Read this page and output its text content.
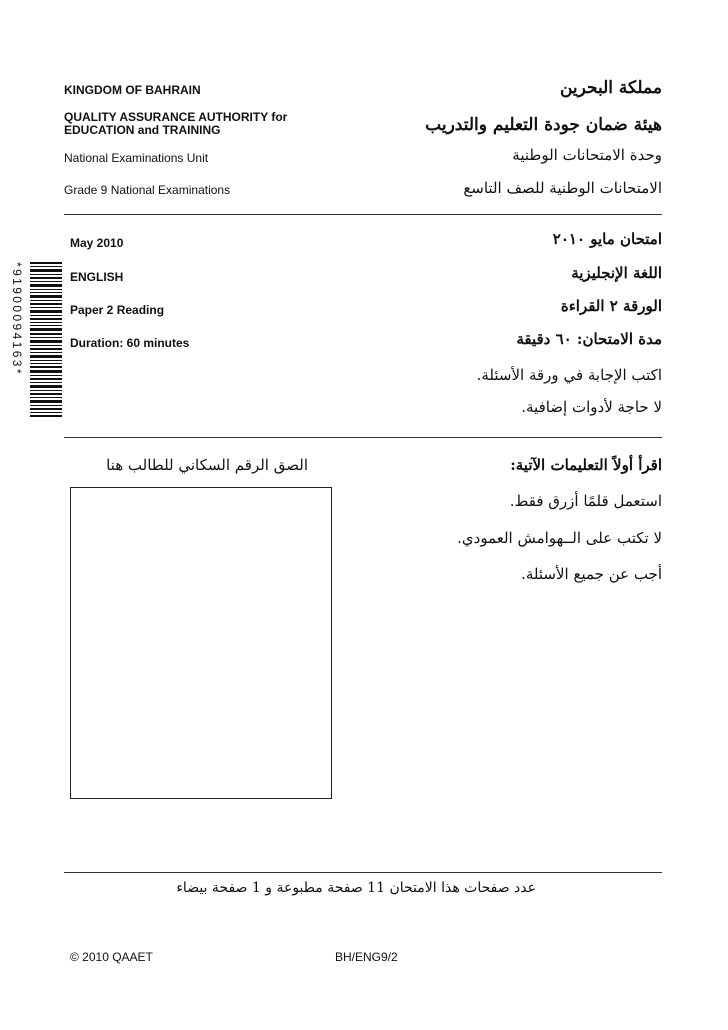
KINGDOM OF BAHRAIN
QUALITY ASSURANCE AUTHORITY for
EDUCATION and TRAINING
National Examinations Unit
Grade 9 National Examinations
مملكة البحرين
هيئة ضمان جودة التعليم والتدريب
وحدة الامتحانات الوطنية
الامتحانات الوطنية للصف التاسع
May 2010
ENGLISH
Paper 2 Reading
Duration: 60 minutes
امتحان مايو ٢٠١٠
اللغة الإنجليزية
الورقة ٢ القراءة
مدة الامتحان: ٦٠ دقيقة
اكتب الإجابة في ورقة الأسئلة.
لا حاجة لأدوات إضافية.
*91900094163*
اقرأ أولاً التعليمات الآتية:
استعمل قلمًا أزرق فقط.
لا تكتب على الــهوامش العمودي.
أجب عن جميع الأسئلة.
الصق الرقم السكاني للطالب هنا
عدد صفحات هذا الامتحان 11 صفحة مطبوعة و 1 صفحة بيضاء
© 2010 QAAET	BH/ENG9/2
